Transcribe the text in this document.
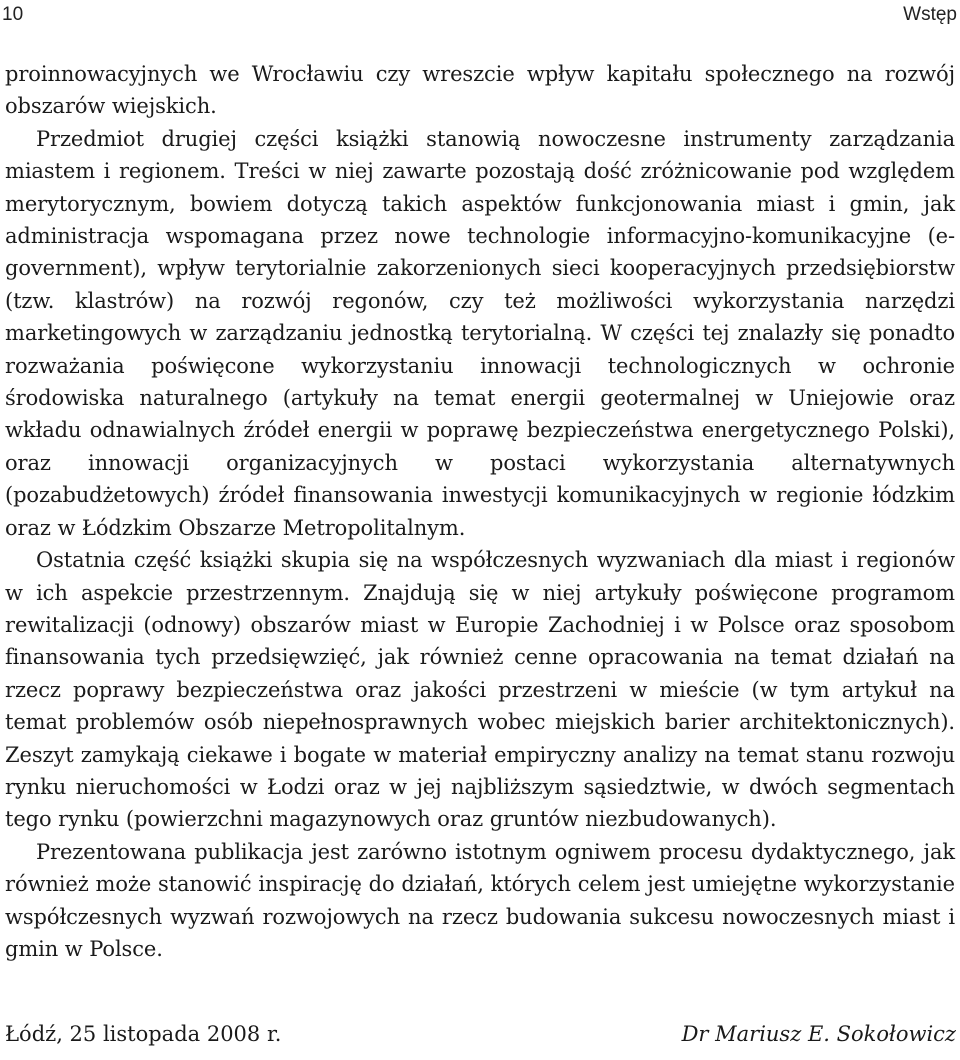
10	Wstęp

proinnowacyjnych we Wrocławiu czy wreszcie wpływ kapitału społecznego na rozwój obszarów wiejskich.

Przedmiot drugiej części książki stanowią nowoczesne instrumenty zarządzania miastem i regionem. Treści w niej zawarte pozostają dość zróżnicowanie pod względem merytorycznym, bowiem dotyczą takich aspektów funkcjonowania miast i gmin, jak administracja wspomagana przez nowe technologie informacyjno-komunikacyjne (e-government), wpływ terytorialnie zakorzenionych sieci kooperacyjnych przedsiębiorstw (tzw. klastrów) na rozwój regonów, czy też możliwości wykorzystania narzędzi marketingowych w zarządzaniu jednostką terytorialną. W części tej znalazły się ponadto rozważania poświęcone wykorzystaniu innowacji technologicznych w ochronie środowiska naturalnego (artykuły na temat energii geotermalnej w Uniejowie oraz wkładu odnawialnych źródeł energii w poprawę bezpieczeństwa energetycznego Polski), oraz innowacji organizacyjnych w postaci wykorzystania alternatywnych (pozabudżetowych) źródeł finansowania inwestycji komunikacyjnych w regionie łódzkim oraz w Łódzkim Obszarze Metropolitalnym.

Ostatnia część książki skupia się na współczesnych wyzwaniach dla miast i regionów w ich aspekcie przestrzennym. Znajdują się w niej artykuły poświęcone programom rewitalizacji (odnowy) obszarów miast w Europie Zachodniej i w Polsce oraz sposobom finansowania tych przedsięwzięć, jak również cenne opracowania na temat działań na rzecz poprawy bezpieczeństwa oraz jakości przestrzeni w mieście (w tym artykuł na temat problemów osób niepełnosprawnych wobec miejskich barier architektonicznych). Zeszyt zamykają ciekawe i bogate w materiał empiryczny analizy na temat stanu rozwoju rynku nieruchomości w Łodzi oraz w jej najbliższym sąsiedztwie, w dwóch segmentach tego rynku (powierzchni magazynowych oraz gruntów niezbudowanych).

Prezentowana publikacja jest zarówno istotnym ogniwem procesu dydaktycznego, jak również może stanowić inspirację do działań, których celem jest umiejętne wykorzystanie współczesnych wyzwań rozwojowych na rzecz budowania sukcesu nowoczesnych miast i gmin w Polsce.

Łódź, 25 listopada 2008 r.	Dr Mariusz E. Sokołowicz
